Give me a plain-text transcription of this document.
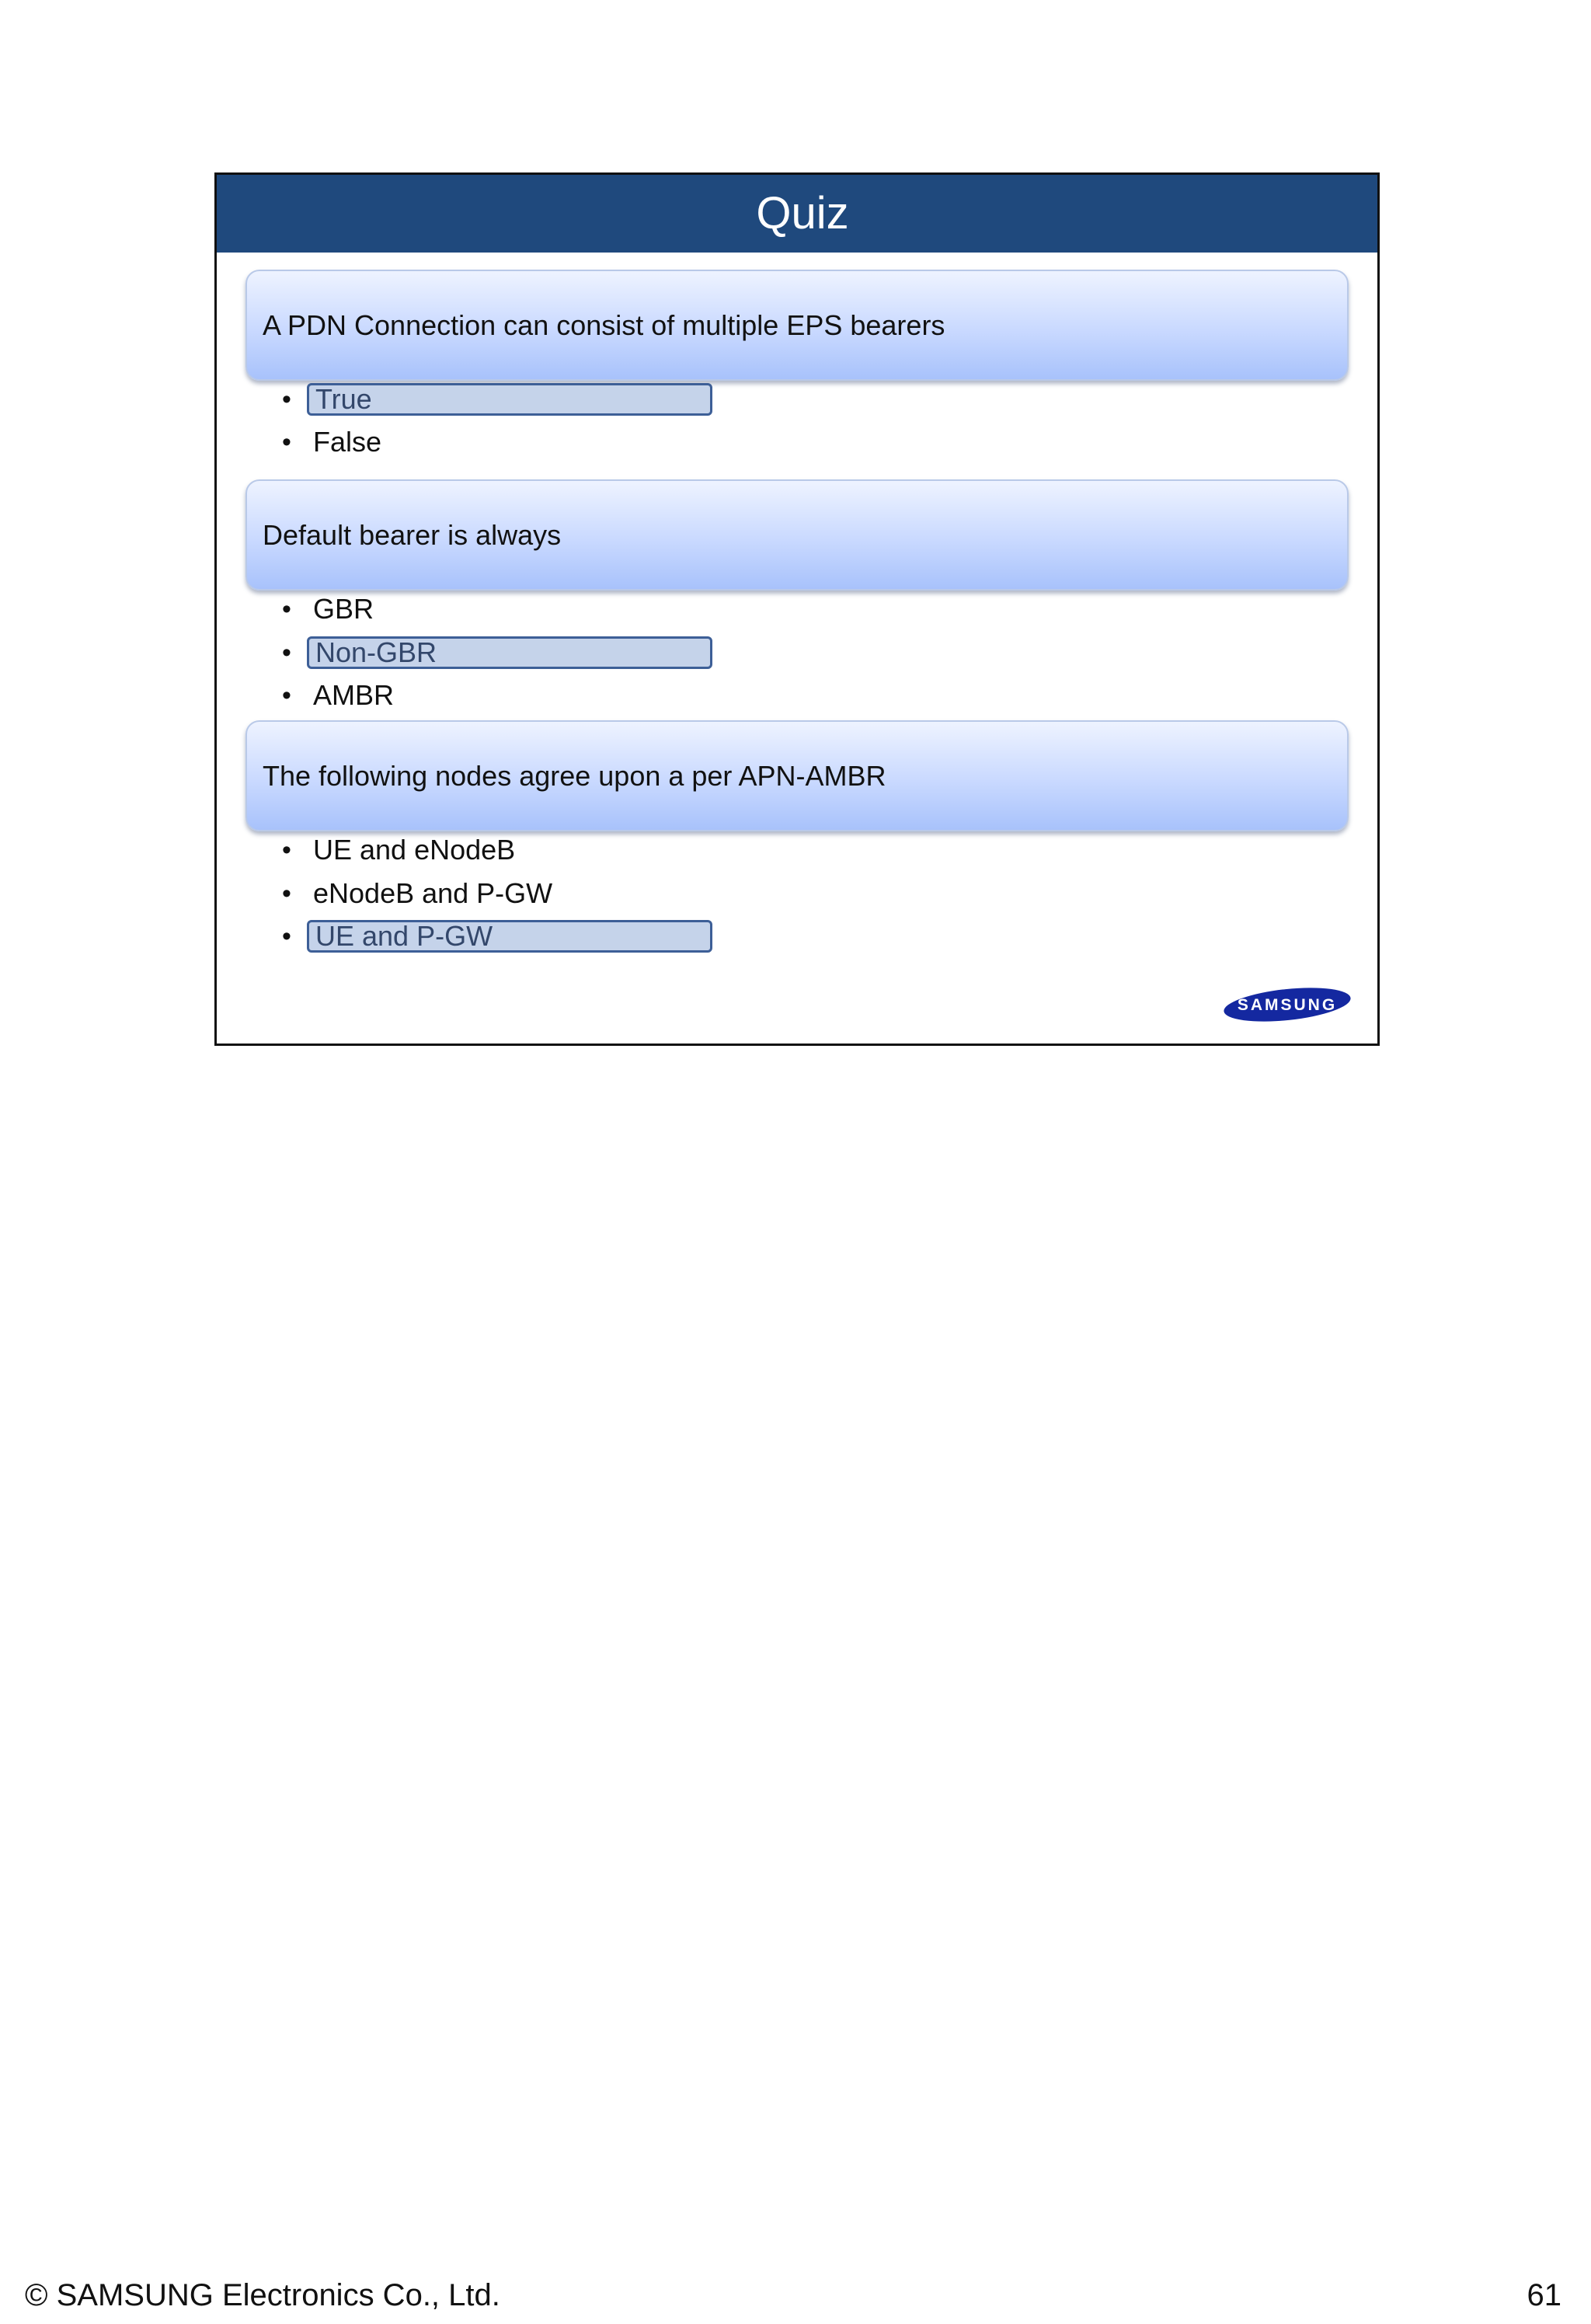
Quiz
A PDN Connection can consist of multiple EPS bearers
• True
• False
Default bearer is always
• GBR
• Non-GBR
• AMBR
The following nodes agree upon a per APN-AMBR
• UE and eNodeB
• eNodeB and P-GW
• UE and P-GW
SAMSUNG
© SAMSUNG Electronics Co., Ltd.	61
